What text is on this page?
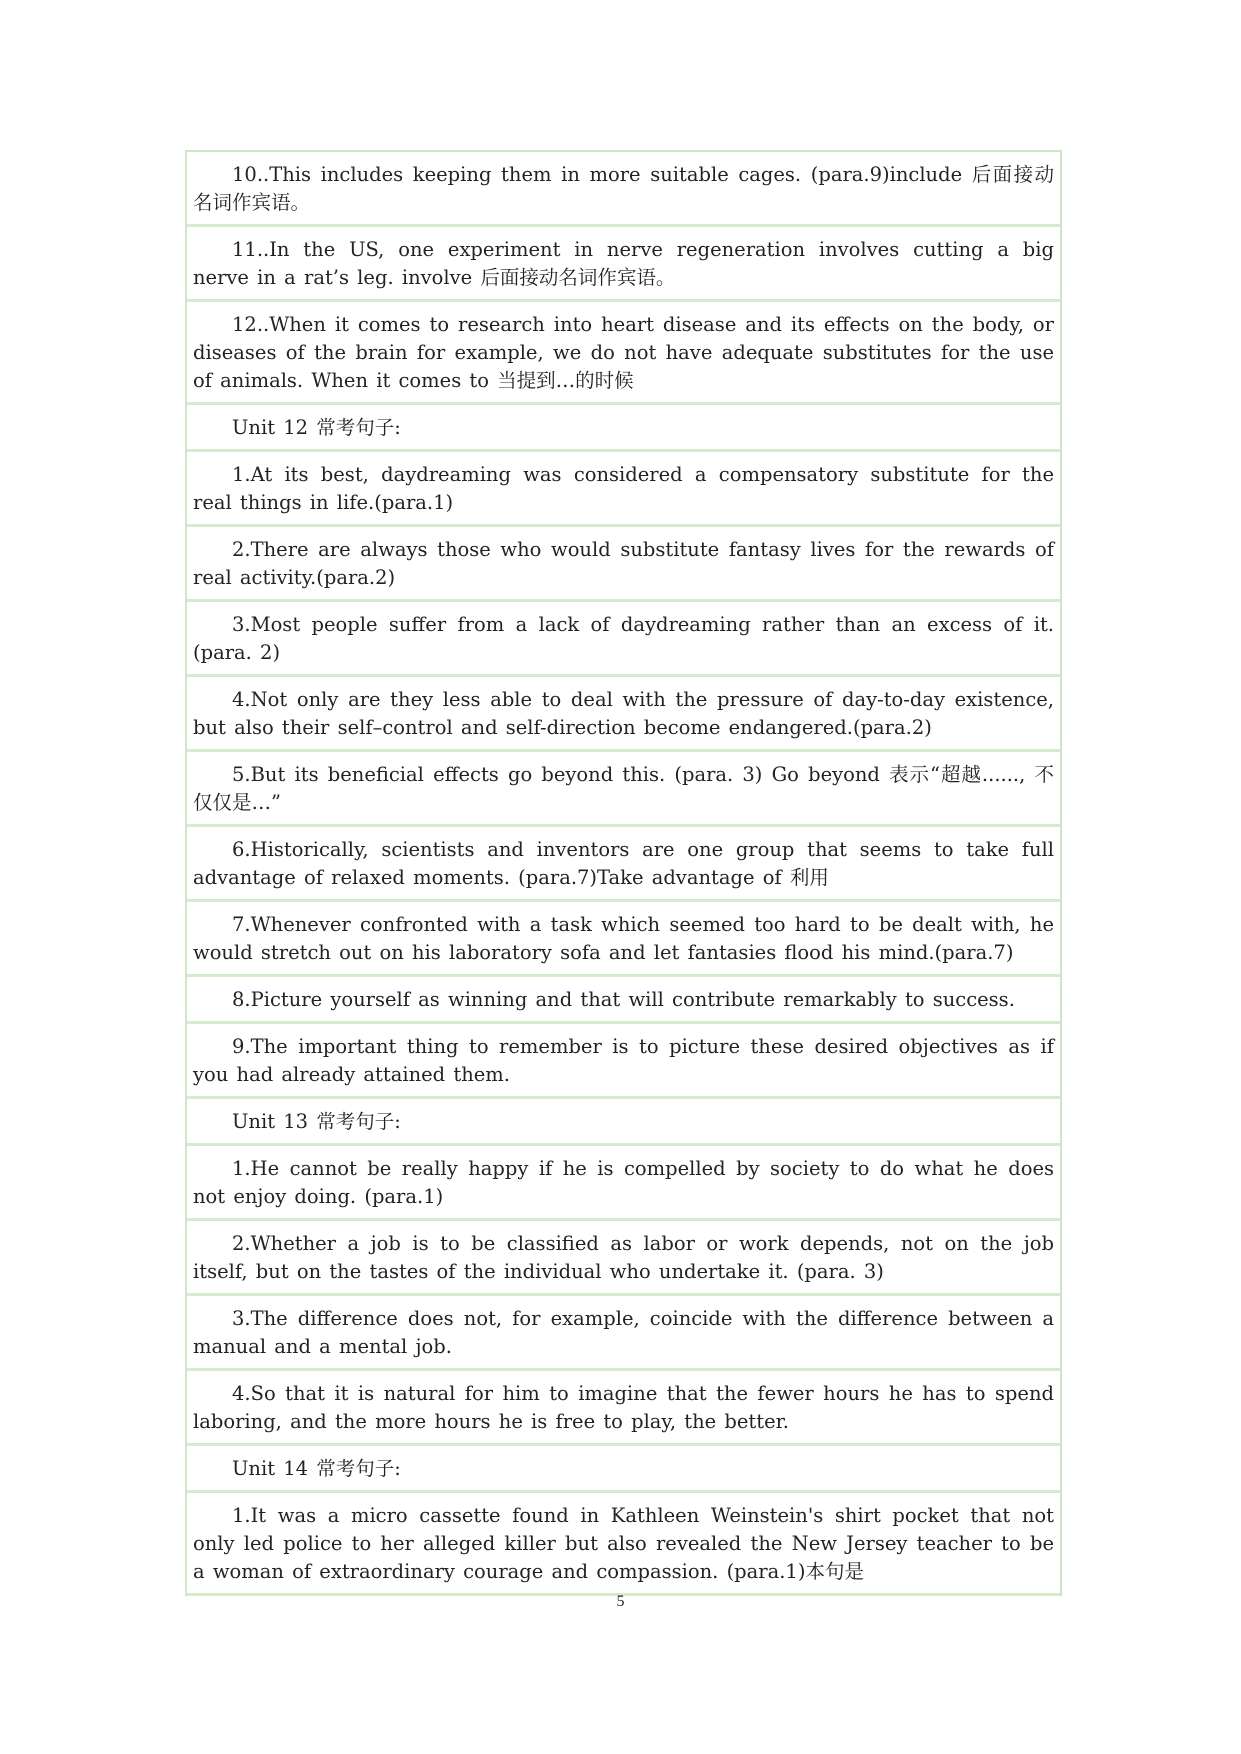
10..This includes keeping them in more suitable cages. (para.9)include 后面接动名词作宾语。
11..In the US, one experiment in nerve regeneration involves cutting a big nerve in a rat’s leg. involve 后面接动名词作宾语。
12..When it comes to research into heart disease and its effects on the body, or diseases of the brain for example, we do not have adequate substitutes for the use of animals. When it comes to 当提到…的时候
Unit 12 常考句子:
1.At its best, daydreaming was considered a compensatory substitute for the real things in life.(para.1)
2.There are always those who would substitute fantasy lives for the rewards of real activity.(para.2)
3.Most people suffer from a lack of daydreaming rather than an excess of it. (para. 2)
4.Not only are they less able to deal with the pressure of day-to-day existence, but also their self–control and self-direction become endangered.(para.2)
5.But its beneficial effects go beyond this. (para. 3) Go beyond 表示“超越......, 不仅仅是…”
6.Historically, scientists and inventors are one group that seems to take full advantage of relaxed moments. (para.7)Take advantage of 利用
7.Whenever confronted with a task which seemed too hard to be dealt with, he would stretch out on his laboratory sofa and let fantasies flood his mind.(para.7)
8.Picture yourself as winning and that will contribute remarkably to success.
9.The important thing to remember is to picture these desired objectives as if you had already attained them.
Unit 13 常考句子:
1.He cannot be really happy if he is compelled by society to do what he does not enjoy doing. (para.1)
2.Whether a job is to be classified as labor or work depends, not on the job itself, but on the tastes of the individual who undertake it. (para. 3)
3.The difference does not, for example, coincide with the difference between a manual and a mental job.
4.So that it is natural for him to imagine that the fewer hours he has to spend laboring, and the more hours he is free to play, the better.
Unit 14 常考句子:
1.It was a micro cassette found in Kathleen Weinstein's shirt pocket that not only led police to her alleged killer but also revealed the New Jersey teacher to be a woman of extraordinary courage and compassion. (para.1)本句是
5
